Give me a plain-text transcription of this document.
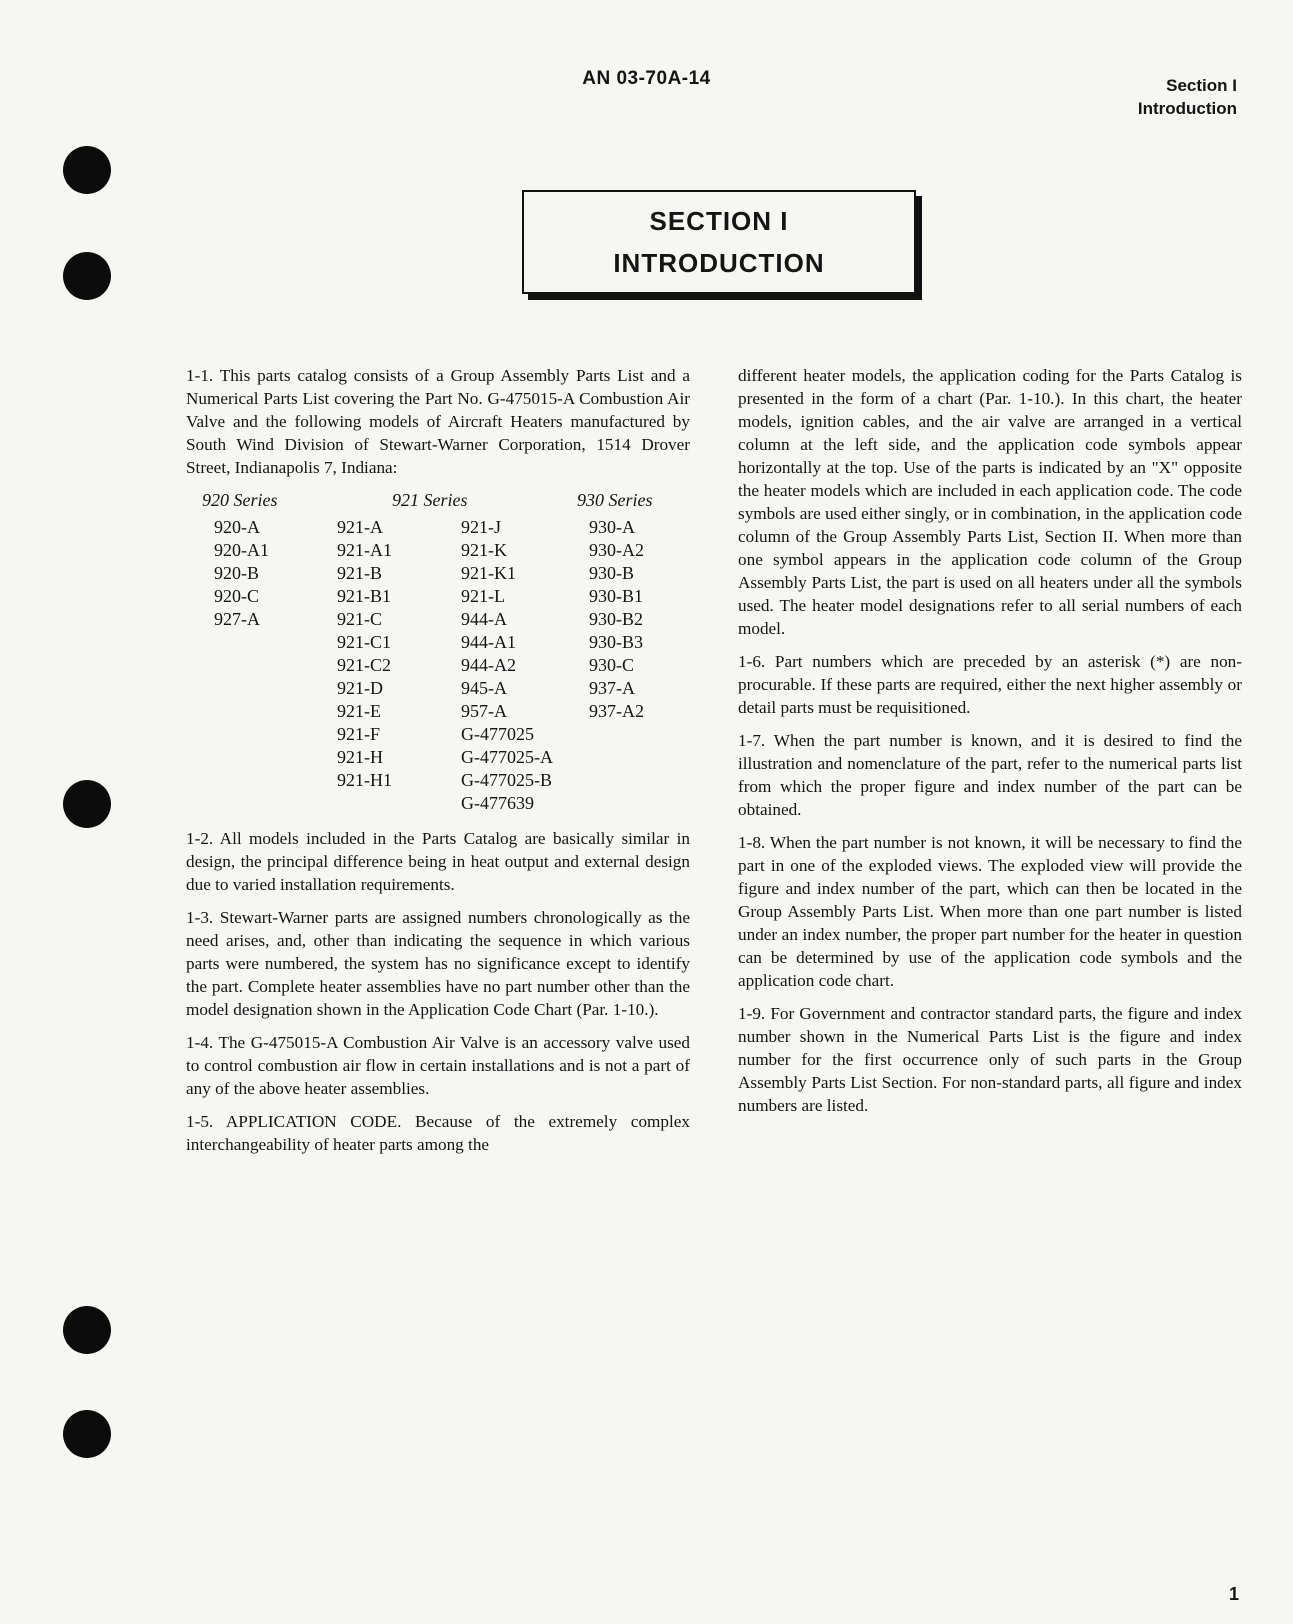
AN 03-70A-14	Section I
Introduction
SECTION I
INTRODUCTION

1-1. This parts catalog consists of a Group Assembly Parts List and a Numerical Parts List covering the Part No. G-475015-A Combustion Air Valve and the following models of Aircraft Heaters manufactured by South Wind Division of Stewart-Warner Corporation, 1514 Drover Street, Indianapolis 7, Indiana:

920 Series
920-A
920-A1
920-B
920-C
927-A
921 Series
921-A
921-A1
921-B
921-B1
921-C
921-C1
921-C2
921-D
921-E
921-F
921-H
921-H1
921-J
921-K
921-K1
921-L
944-A
944-A1
944-A2
945-A
957-A
G-477025
G-477025-A
G-477025-B
G-477639
930 Series
930-A
930-A2
930-B
930-B1
930-B2
930-B3
930-C
937-A
937-A2

1-2. All models included in the Parts Catalog are basically similar in design, the principal difference being in heat output and external design due to varied installation requirements.

1-3. Stewart-Warner parts are assigned numbers chronologically as the need arises, and, other than indicating the sequence in which various parts were numbered, the system has no significance except to identify the part. Complete heater assemblies have no part number other than the model designation shown in the Application Code Chart (Par. 1-10.).

1-4. The G-475015-A Combustion Air Valve is an accessory valve used to control combustion air flow in certain installations and is not a part of any of the above heater assemblies.

1-5. APPLICATION CODE. Because of the extremely complex interchangeability of heater parts among the

different heater models, the application coding for the Parts Catalog is presented in the form of a chart (Par. 1-10.). In this chart, the heater models, ignition cables, and the air valve are arranged in a vertical column at the left side, and the application code symbols appear horizontally at the top. Use of the parts is indicated by an "X" opposite the heater models which are included in each application code. The code symbols are used either singly, or in combination, in the application code column of the Group Assembly Parts List, Section II. When more than one symbol appears in the application code column of the Group Assembly Parts List, the part is used on all heaters under all the symbols used. The heater model designations refer to all serial numbers of each model.

1-6. Part numbers which are preceded by an asterisk (*) are non-procurable. If these parts are required, either the next higher assembly or detail parts must be requisitioned.

1-7. When the part number is known, and it is desired to find the illustration and nomenclature of the part, refer to the numerical parts list from which the proper figure and index number of the part can be obtained.

1-8. When the part number is not known, it will be necessary to find the part in one of the exploded views. The exploded view will provide the figure and index number of the part, which can then be located in the Group Assembly Parts List. When more than one part number is listed under an index number, the proper part number for the heater in question can be determined by use of the application code symbols and the application code chart.

1-9. For Government and contractor standard parts, the figure and index number shown in the Numerical Parts List is the figure and index number for the first occurrence only of such parts in the Group Assembly Parts List Section. For non-standard parts, all figure and index numbers are listed.

1
